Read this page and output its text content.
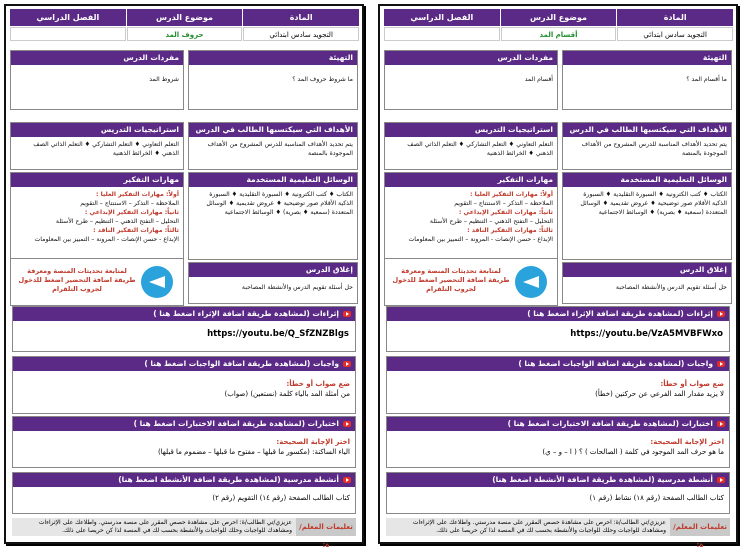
المادة
موضوع الدرس
الفصل الدراسي
التجويد سادس ابتدائي
أقسام المد
التهيئة
ما أقسام المد ؟
مفردات الدرس
أقسام المد
الأهداف التي سيكتسبها الطالب في الدرس
يتم تحديد الأهداف المناسبة للدرس المشروح من الأهداف الموجودة بالمنصة
استراتيجيات التدريس
التعلم التعاوني ♦ التعلم التشاركي ♦ التعلم الذاتي الصف الذهني ♦ الخرائط الذهنية
الوسائل التعليمية المستخدمة
الكتاب ♦ كتب الكترونية ♦ السبورة التقليدية ♦ السبورة الذكية الأقلام صور توضيحية ♦ عروض تقديمية ♦ الوسائل المتعددة (سمعية ♦ بصرية) ♦ الوسائط الاجتماعية
مهارات التفكير
أولاً: مهارات التفكير العليا :
الملاحظة – التذكر – الاستنتاج – التقويم
ثانياً: مهارات التفكير الإبداعي :
التحليل – التفتح الذهني – التنظيم – طرح الأسئلة
ثالثاً: مهارات التفكير الناقد :
الإبداع - حسن الإنصات - المرونة – التمييز بين المعلومات
إغلاق الدرس
حل أسئلة تقويم الدرس والأنشطة المصاحبة
لمتابعة تحديثات المنصة ومعرفة طريقة اضافة التحضير اضغط للدخول لجروب التلقرام
إثراءات (لمشاهدة طريقة اضافة الإثراء اضغط هنا )
https://youtu.be/VzA5MVBFWxo
واجبات (لمشاهدة طريقة اضافة الواجبات اضغط هنا )
ضع صواب أو خطأ:
لا يزيد مقدار المد الفرعي عن حركتين (خطأ)
اختبارات (لمشاهدة طريقة اضافة الاختبارات اضغط هنا )
اختر الإجابة الصحيحة:
ما هو حرف المد الموجود في كلمة ( الصالحات ) ؟ ( ا – و – ي)
أنشطة مدرسية (لمشاهدة طريقة اضافة الأنشطة اضغط هنا)
كتاب الطالب الصفحة (رقم ١٨) نشاط (رقم ١)
تعليمات المعلم/ة:
عزيزي/تي الطالب/ة: احرص على مشاهدة حصص المقرر على منصة مدرستي. واطلاعك على الإثراءات ومشاهدك للواجبات وحلك للواجبات والأنشطة بحسب لك في المنصة لذا كن حريصا على ذلك.
المادة
موضوع الدرس
الفصل الدراسي
التجويد سادس ابتدائي
حروف المد
التهيئة
ما شروط حروف المد ؟
مفردات الدرس
شروط المد
الأهداف التي سيكتسبها الطالب في الدرس
يتم تحديد الأهداف المناسبة للدرس المشروح من الأهداف الموجودة بالمنصة
استراتيجيات التدريس
التعلم التعاوني ♦ التعلم التشاركي ♦ التعلم الذاتي الصف الذهني ♦ الخرائط الذهنية
الوسائل التعليمية المستخدمة
الكتاب ♦ كتب الكترونية ♦ السبورة التقليدية ♦ السبورة الذكية الأقلام صور توضيحية ♦ عروض تقديمية ♦ الوسائل المتعددة (سمعية ♦ بصرية) ♦ الوسائط الاجتماعية
مهارات التفكير
أولاً: مهارات التفكير العليا :
الملاحظة – التذكر – الاستنتاج – التقويم
ثانياً: مهارات التفكير الإبداعي :
التحليل – التفتح الذهني – التنظيم – طرح الأسئلة
ثالثاً: مهارات التفكير الناقد :
الإبداع - حسن الإنصات - المرونة – التمييز بين المعلومات
إغلاق الدرس
حل أسئلة تقويم الدرس والأنشطة المصاحبة
لمتابعة تحديثات المنصة ومعرفة طريقة اضافة التحضير اضغط للدخول لجروب التلقرام
إثراءات (لمشاهدة طريقة اضافة الإثراء اضغط هنا )
https://youtu.be/Q_SfZNZBlgs
واجبات (لمشاهدة طريقة اضافة الواجبات اضغط هنا )
ضع صواب أو خطأ:
من أمثلة المد بالياء كلمة (نستعين) (صواب)
اختبارات (لمشاهدة طريقة اضافة الاختبارات اضغط هنا )
اختر الإجابة الصحيحة:
الياء الساكنة: (مكسور ما قبلها – مفتوح ما قبلها – مضموم ما قبلها)
أنشطة مدرسية (لمشاهدة طريقة اضافة الأنشطة اضغط هنا)
كتاب الطالب الصفحة (رقم ١٤) التقويم (رقم ٢)
تعليمات المعلم/ة:
عزيزي/تي الطالب/ة: احرص على مشاهدة حصص المقرر على منصة مدرستي. واطلاعك على الإثراءات ومشاهدك للواجبات وحلك للواجبات والأنشطة بحسب لك في المنصة لذا كن حريصا على ذلك.
